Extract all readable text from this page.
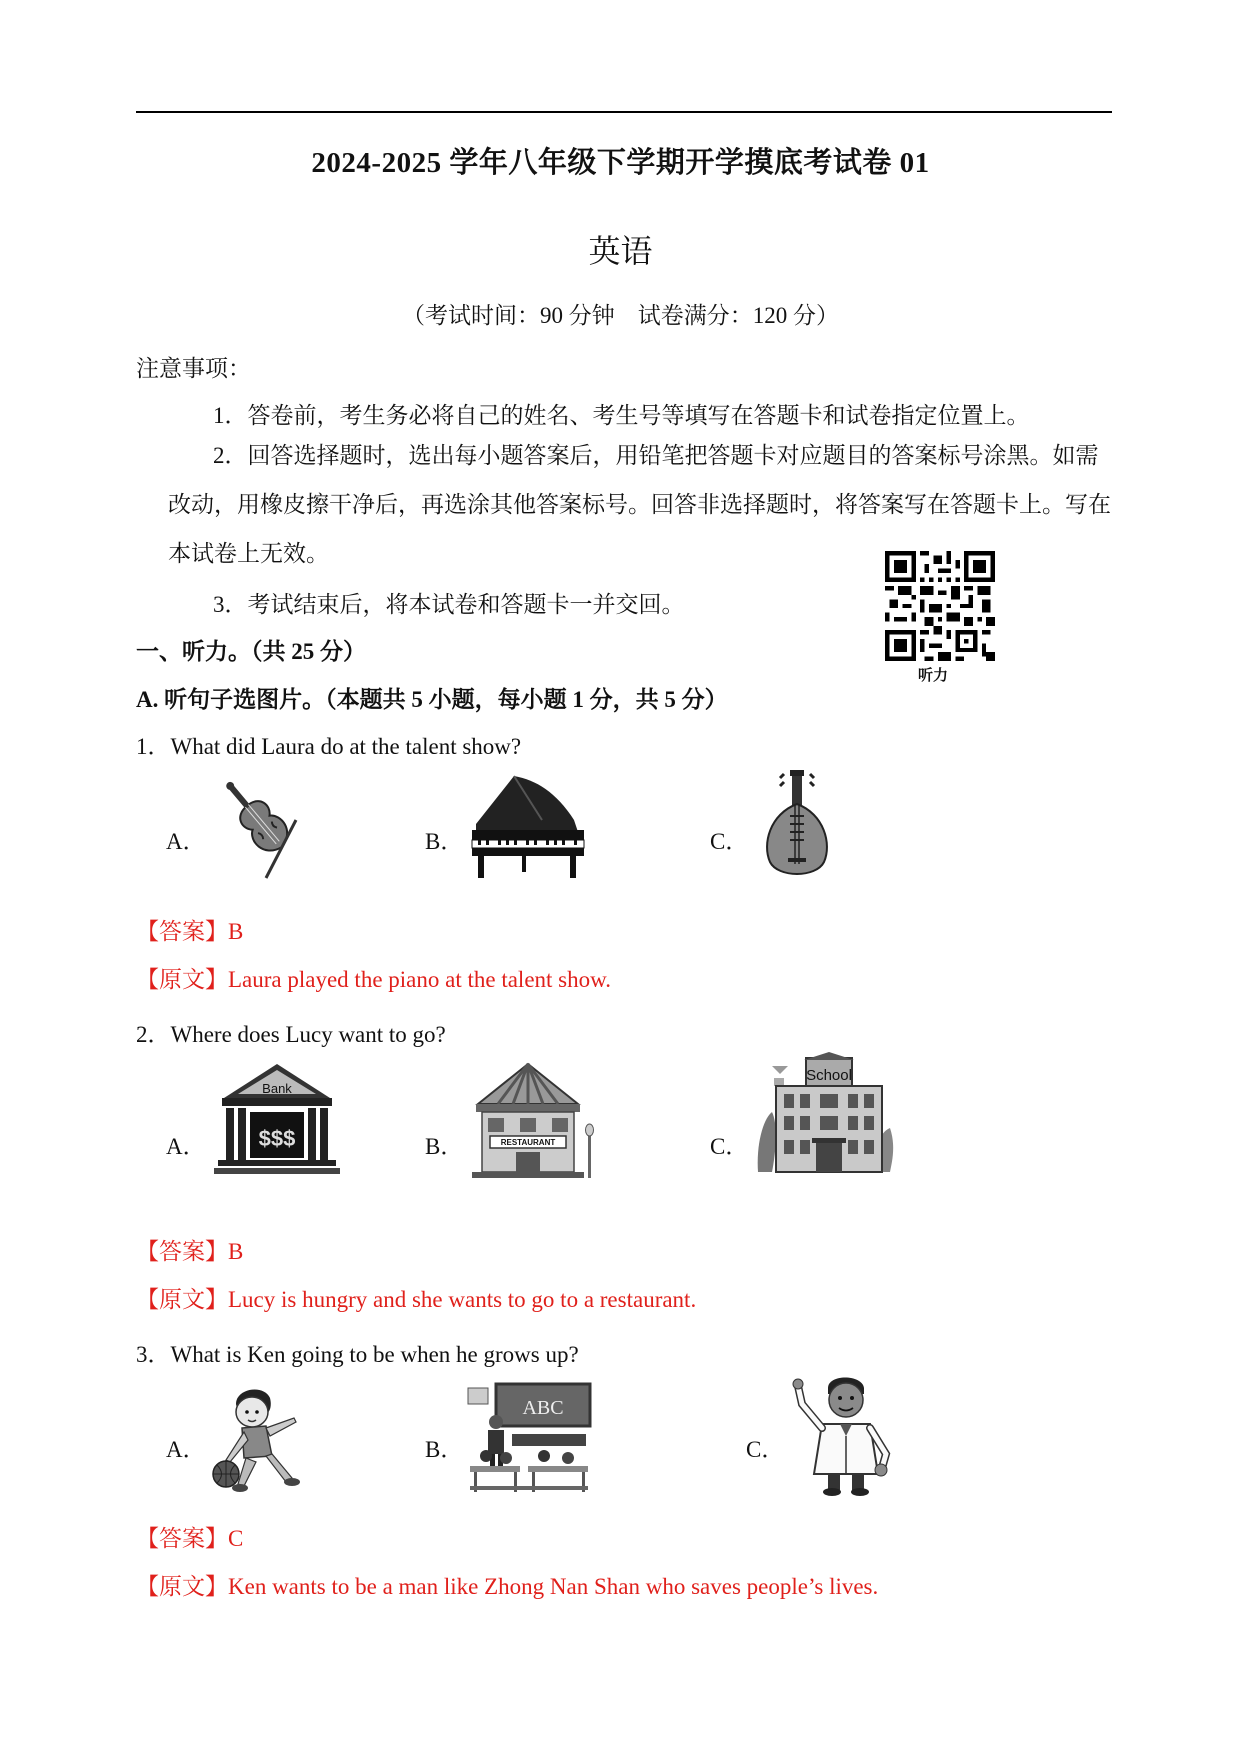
2024-2025 学年八年级下学期开学摸底考试卷 01
英语
（考试时间：90 分钟　试卷满分：120 分）
注意事项：
1．答卷前，考生务必将自己的姓名、考生号等填写在答题卡和试卷指定位置上。
2．回答选择题时，选出每小题答案后，用铅笔把答题卡对应题目的答案标号涂黑。如需改动，用橡皮擦干净后，再选涂其他答案标号。回答非选择题时，将答案写在答题卡上。写在本试卷上无效。
3．考试结束后，将本试卷和答题卡一并交回。
听力
一、听力。（共 25 分）
A. 听句子选图片。（本题共 5 小题，每小题 1 分，共 5 分）
1．What did Laura do at the talent show?
A．	B．	C．
【答案】B
【原文】Laura played the piano at the talent show.
2．Where does Lucy want to go?
A．
Bank
$$$	B．	RESTAURANT	C．
School
【答案】B
【原文】Lucy is hungry and she wants to go to a restaurant.
3．What is Ken going to be when he grows up?
A．	B．
ABC
C．
【答案】C
【原文】Ken wants to be a man like Zhong Nan Shan who saves people’s lives.
